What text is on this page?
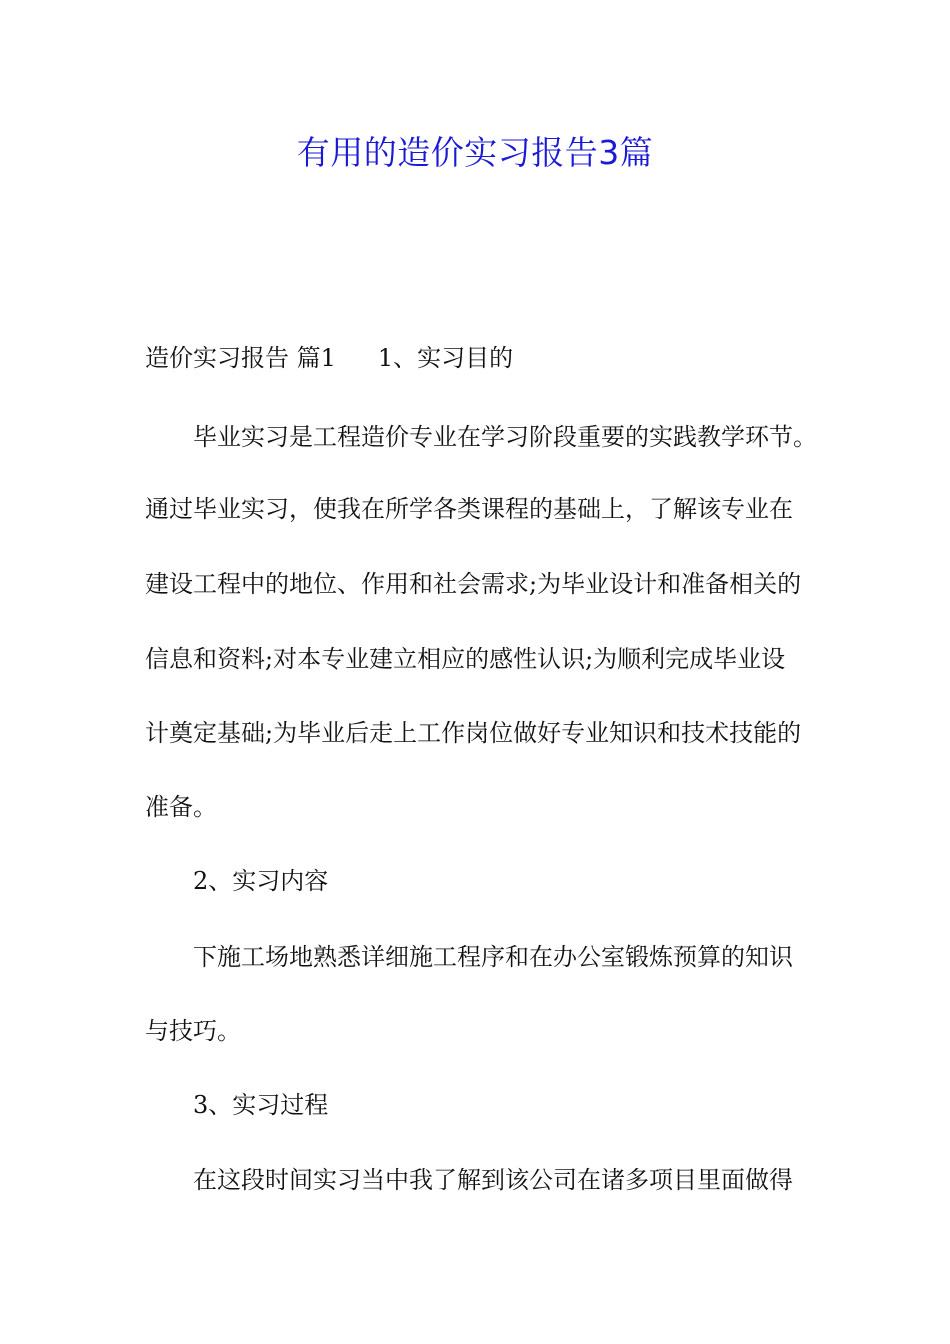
有用的造价实习报告3篇
造价实习报告 篇1 1、实习目的
毕业实习是工程造价专业在学习阶段重要的实践教学环节。
通过毕业实习，使我在所学各类课程的基础上，了解该专业在
建设工程中的地位、作用和社会需求;为毕业设计和准备相关的
信息和资料;对本专业建立相应的感性认识;为顺利完成毕业设
计奠定基础;为毕业后走上工作岗位做好专业知识和技术技能的
准备。
2、实习内容
下施工场地熟悉详细施工程序和在办公室锻炼预算的知识
与技巧。
3、实习过程
在这段时间实习当中我了解到该公司在诸多项目里面做得
